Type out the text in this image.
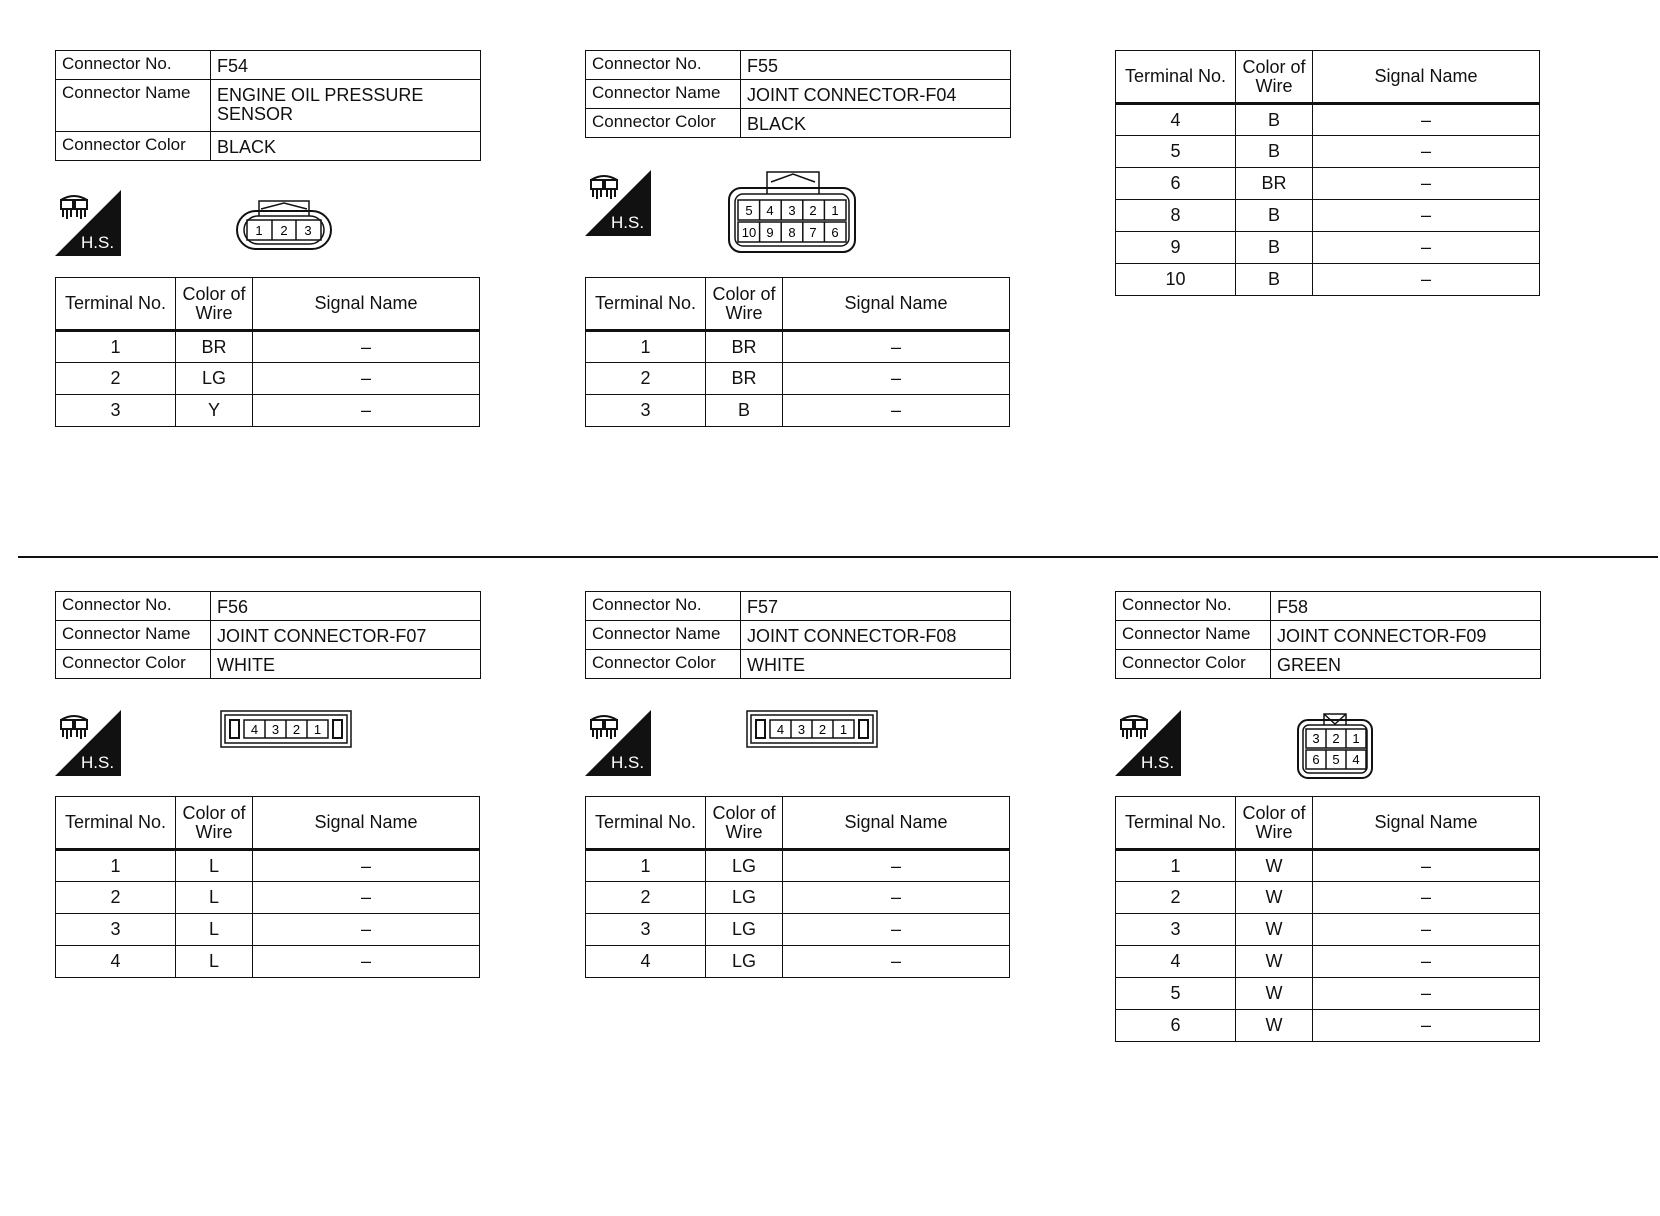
Connector No.	F54
Connector Name	ENGINE OIL PRESSURE SENSOR
Connector Color	BLACK
H.S.
1 2 3
Terminal No.	Color of Wire	Signal Name
1	BR	–
2	LG	–
3	Y	–
Connector No.	F55
Connector Name	JOINT CONNECTOR-F04
Connector Color	BLACK
H.S.
5 4 3 2 1
10 9 8 7 6
Terminal No.	Color of Wire	Signal Name
1	BR	–
2	BR	–
3	B	–
Terminal No.	Color of Wire	Signal Name
4	B	–
5	B	–
6	BR	–
8	B	–
9	B	–
10	B	–
Connector No.	F56
Connector Name	JOINT CONNECTOR-F07
Connector Color	WHITE
H.S.
4 3 2 1
Terminal No.	Color of Wire	Signal Name
1	L	–
2	L	–
3	L	–
4	L	–
Connector No.	F57
Connector Name	JOINT CONNECTOR-F08
Connector Color	WHITE
H.S.
4 3 2 1
Terminal No.	Color of Wire	Signal Name
1	LG	–
2	LG	–
3	LG	–
4	LG	–
Connector No.	F58
Connector Name	JOINT CONNECTOR-F09
Connector Color	GREEN
H.S.
3 2 1
6 5 4
Terminal No.	Color of Wire	Signal Name
1	W	–
2	W	–
3	W	–
4	W	–
5	W	–
6	W	–
